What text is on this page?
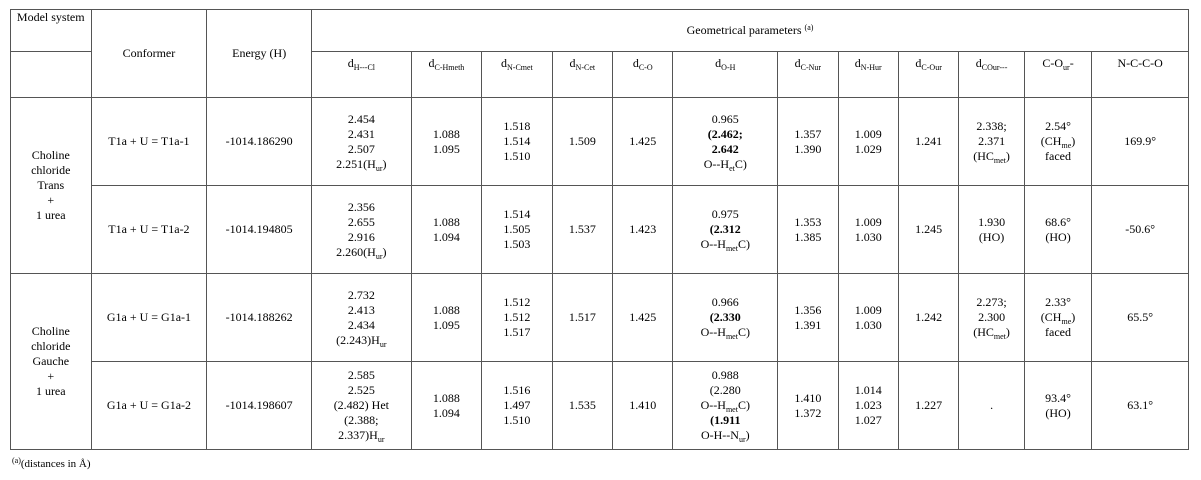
Model system	Conformer	Energy (H)	Geometrical parameters $^{(a)}$
			$d_{H---Cl}$	$d_{C-Hmeth}$	$d_{N-Cmet}$	$d_{N-Cet}$	$d_{C-O}$	$d_{O-H}$	$d_{C-Nur}$	$d_{N-Hur}$	$d_{C-Our}$	$d_{COur---}$	$C-O_{ur}-$	N-C-C-O

Choline
chloride
Trans
+
1 urea	T1a + U = T1a-1	-1014.186290	2.454
2.431
2.507
$2.251(H_{ur})$	1.088
1.095	1.518
1.514
1.510	1.509	1.425	0.965
(2.462;
2.642
$O--H_{et}C$)	1.357
1.390	1.009
1.029	1.241	2.338;
2.371
$(HC_{met})$	2.54°
$(CH_{me})$
faced	169.9°

	T1a + U = T1a-2	-1014.194805	2.356
2.655
2.916
$2.260(H_{ur})$	1.088
1.094	1.514
1.505
1.503	1.537	1.423	0.975
(2.312
$O--H_{met}C$)	1.353
1.385	1.009
1.030	1.245	1.930
(HO)	68.6°
(HO)	-50.6°

Choline
chloride
Gauche
+
1 urea	G1a + U = G1a-1	-1014.188262	2.732
2.413
2.434
$(2.243)H_{ur}$	1.088
1.095	1.512
1.512
1.517	1.517	1.425	0.966
(2.330
$O--H_{met}C$)	1.356
1.391	1.009
1.030	1.242	2.273;
2.300
$(HC_{met})$	2.33°
$(CH_{me})$
faced	65.5°

	G1a + U = G1a-2	-1014.198607	2.585
2.525
(2.482) Het
(2.388;
$2.337)H_{ur}$	1.088
1.094	1.516
1.497
1.510	1.535	1.410	0.988
(2.280
$O--H_{met}C$)
(1.911
$O-H--N_{ur}$)	1.410
1.372	1.014
1.023
1.027	1.227	.	93.4°
(HO)	63.1°
$^{(a)}$(distances in Å)
